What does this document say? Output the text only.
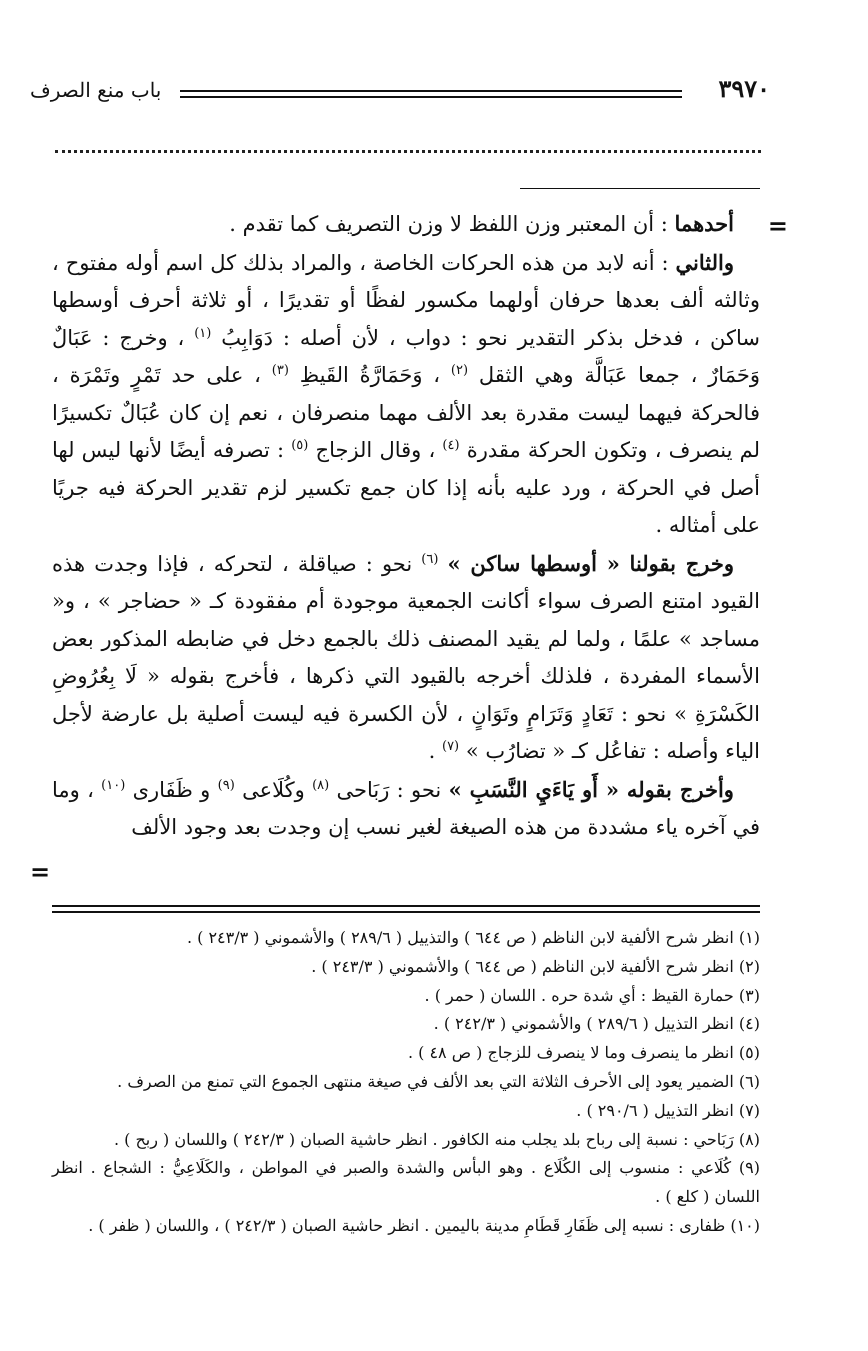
باب منع الصرف	٣٩٧٠
=

أحدهما : أن المعتبر وزن اللفظ لا وزن التصريف كما تقدم .

والثاني : أنه لابد من هذه الحركات الخاصة ، والمراد بذلك كل اسم أوله مفتوح ، وثالثه ألف بعدها حرفان أولهما مكسور لفظًا أو تقديرًا ، أو ثلاثة أحرف أوسطها ساكن ، فدخل بذكر التقدير نحو : دواب ، لأن أصله : دَوَابِبُ $^{(١)}$ ، وخرج : عَبَالٌ وَحَمَارٌ ، جمعا عَبَالَّة وهي الثقل $^{(٢)}$ ، وَحَمَارَّةُ القَيظِ $^{(٣)}$ ، على حد تَمْرٍ وتَمْرَة ، فالحركة فيهما ليست مقدرة بعد الألف مهما منصرفان ، نعم إن كان عُبَالٌ تكسيرًا لم ينصرف ، وتكون الحركة مقدرة $^{(٤)}$ ، وقال الزجاج $^{(٥)}$ : تصرفه أيضًا لأنها ليس لها أصل في الحركة ، ورد عليه بأنه إذا كان جمع تكسير لزم تقدير الحركة فيه جريًا على أمثاله .

وخرج بقولنا « أوسطها ساكن » $^{(٦)}$ نحو : صياقلة ، لتحركه ، فإذا وجدت هذه القيود امتنع الصرف سواء أكانت الجمعية موجودة أم مفقودة كـ « حضاجر » ، و« مساجد » علمًا ، ولما لم يقيد المصنف ذلك بالجمع دخل في ضابطه المذكور بعض الأسماء المفردة ، فلذلك أخرجه بالقيود التي ذكرها ، فأخرج بقوله « لَا بِعُرُوضِ الكَسْرَةِ » نحو : تَعَادٍ وَتَرَامٍ وتَوَانٍ ، لأن الكسرة فيه ليست أصلية بل عارضة لأجل الياء وأصله : تفاعُل كـ « تضارُب » $^{(٧)}$ .

وأخرج بقوله « أَو يَاءَيِ النَّسَبِ » نحو : رَبَاحى $^{(٨)}$ وكُلَاعى $^{(٩)}$ و ظَفَارى $^{(١٠)}$ ، وما في آخره ياء مشددة من هذه الصيغة لغير نسب إن وجدت بعد وجود الألف

=

(١) انظر شرح الألفية لابن الناظم ( ص ٦٤٤ ) والتذييل ( ٢٨٩/٦ ) والأشموني ( ٢٤٣/٣ ) .

(٢) انظر شرح الألفية لابن الناظم ( ص ٦٤٤ ) والأشموني ( ٢٤٣/٣ ) .

(٣) حمارة القيظ : أي شدة حره . اللسان ( حمر ) .

(٤) انظر التذييل ( ٢٨٩/٦ ) والأشموني ( ٢٤٢/٣ ) .

(٥) انظر ما ينصرف وما لا ينصرف للزجاج ( ص ٤٨ ) .

(٦) الضمير يعود إلى الأحرف الثلاثة التي بعد الألف في صيغة منتهى الجموع التي تمنع من الصرف .

(٧) انظر التذييل ( ٢٩٠/٦ ) .

(٨) رَبَاحي : نسبة إلى رباح بلد يجلب منه الكافور . انظر حاشية الصبان ( ٢٤٢/٣ ) واللسان ( ربح ) .

(٩) كُلَاعي : منسوب إلى الكُلَاع . وهو البأس والشدة والصبر في المواطن ، والكَلَاعِيُّ : الشجاع . انظر اللسان ( كلع ) .

(١٠) ظفارى : نسبه إلى ظَفَارِ قَطَامِ مدينة باليمين . انظر حاشية الصبان ( ٢٤٢/٣ ) ، واللسان ( ظفر ) .
